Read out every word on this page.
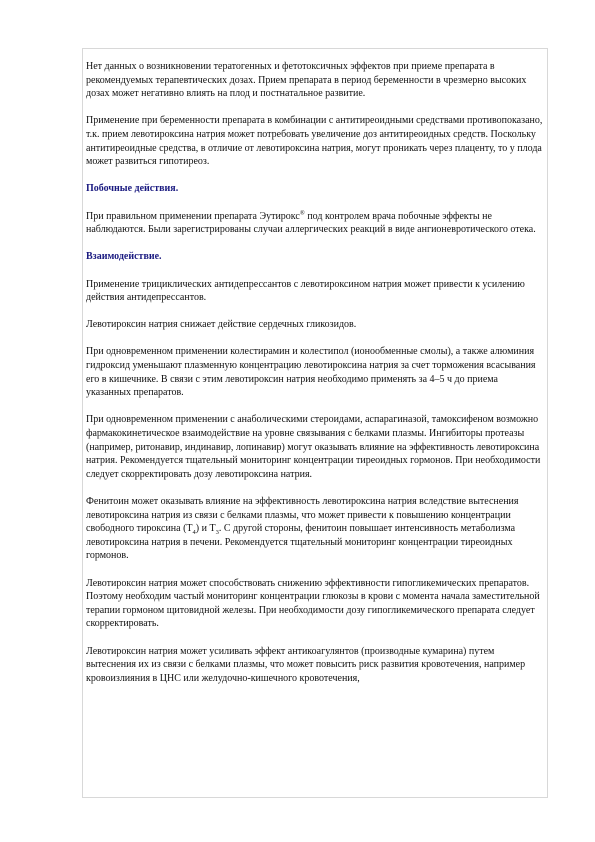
Нет данных о возникновении тератогенных и фетотоксичных эффектов при приеме препарата в рекомендуемых терапевтических дозах. Прием препарата в период беременности в чрезмерно высоких дозах может негативно влиять на плод и постнатальное развитие.

Применение при беременности препарата в комбинации с антитиреоидными средствами противопоказано, т.к. прием левотироксина натрия может потребовать увеличение доз антитиреоидных средств. Поскольку антитиреоидные средства, в отличие от левотироксина натрия, могут проникать через плаценту, то у плода может развиться гипотиреоз.

Побочные действия.

При правильном применении препарата Эутирокс® под контролем врача побочные эффекты не наблюдаются. Были зарегистрированы случаи аллергических реакций в виде ангионевротического отека.

Взаимодействие.

Применение трициклических антидепрессантов с левотироксином натрия может привести к усилению действия антидепрессантов.

Левотироксин натрия снижает действие сердечных гликозидов.

При одновременном применении колестирамин и колестипол (ионообменные смолы), а также алюминия гидроксид уменьшают плазменную концентрацию левотироксина натрия за счет торможения всасывания его в кишечнике. В связи с этим левотироксин натрия необходимо применять за 4–5 ч до приема указанных препаратов.

При одновременном применении с анаболическими стероидами, аспарагиназой, тамоксифеном возможно фармакокинетическое взаимодействие на уровне связывания с белками плазмы. Ингибиторы протеазы (например, ритонавир, индинавир, лопинавир) могут оказывать влияние на эффективность левотироксина натрия. Рекомендуется тщательный мониторинг концентрации тиреоидных гормонов. При необходимости следует скорректировать дозу левотироксина натрия.

Фенитоин может оказывать влияние на эффективность левотироксина натрия вследствие вытеснения левотироксина натрия из связи с белками плазмы, что может привести к повышению концентрации свободного тироксина $(Т_4)$ и $Т_3$. С другой стороны, фенитоин повышает интенсивность метаболизма левотироксина натрия в печени. Рекомендуется тщательный мониторинг концентрации тиреоидных гормонов.

Левотироксин натрия может способствовать снижению эффективности гипогликемических препаратов. Поэтому необходим частый мониторинг концентрации глюкозы в крови с момента начала заместительной терапии гормоном щитовидной железы. При необходимости дозу гипогликемического препарата следует скорректировать.

Левотироксин натрия может усиливать эффект антикоагулянтов (производные кумарина) путем вытеснения их из связи с белками плазмы, что может повысить риск развития кровотечения, например кровоизлияния в ЦНС или желудочно-кишечного кровотечения,
